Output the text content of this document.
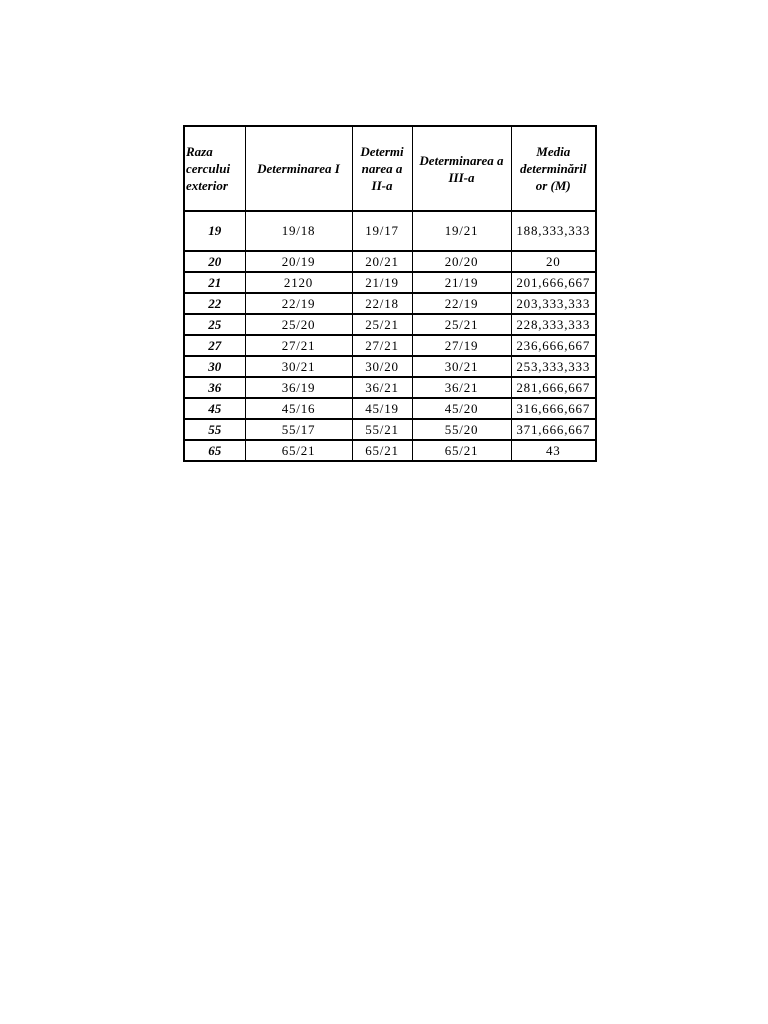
Raza cercului exterior	Determinarea I	Determi narea a II-a	Determinarea a III-a	Media determinăril or (M)
19	19/18	19/17	19/21	188,333,333
20	20/19	20/21	20/20	20
21	2120	21/19	21/19	201,666,667
22	22/19	22/18	22/19	203,333,333
25	25/20	25/21	25/21	228,333,333
27	27/21	27/21	27/19	236,666,667
30	30/21	30/20	30/21	253,333,333
36	36/19	36/21	36/21	281,666,667
45	45/16	45/19	45/20	316,666,667
55	55/17	55/21	55/20	371,666,667
65	65/21	65/21	65/21	43
